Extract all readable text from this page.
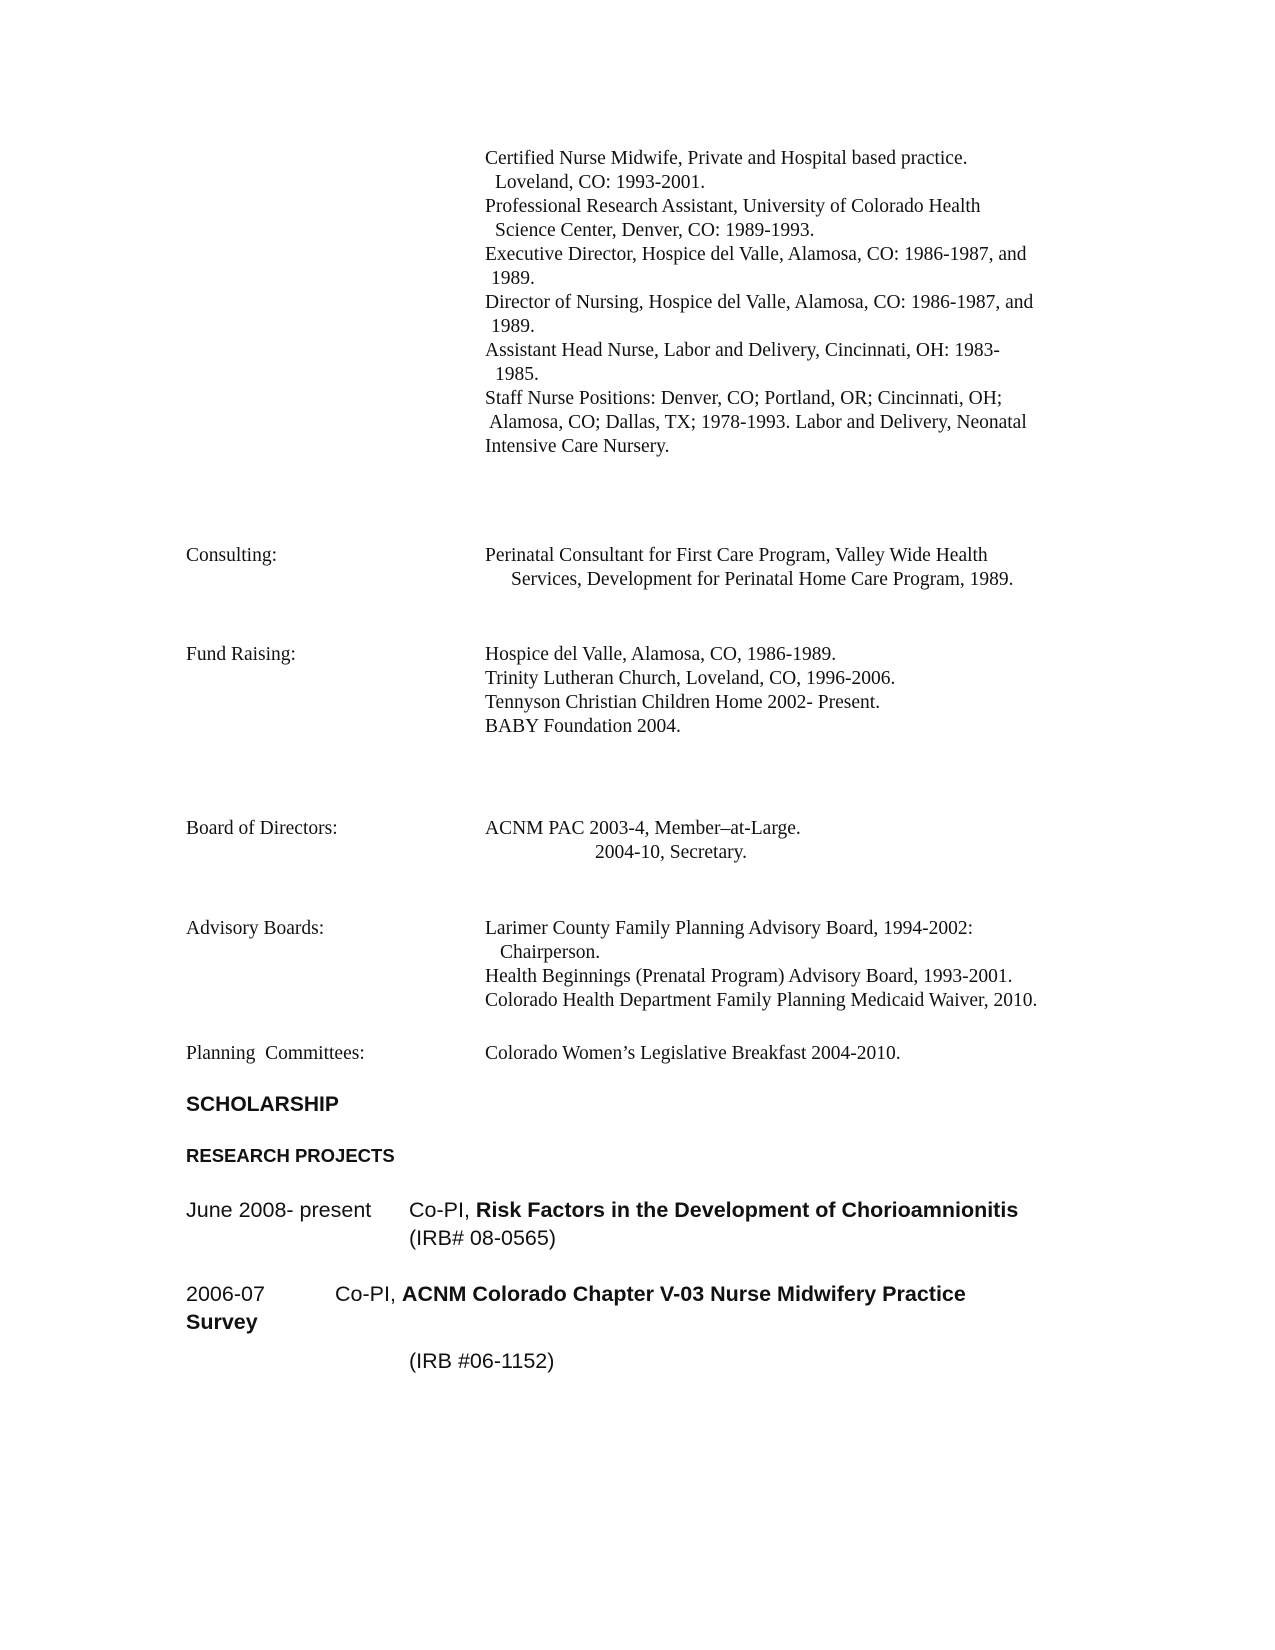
Certified Nurse Midwife, Private and Hospital based practice.
Loveland, CO: 1993-2001.
Professional Research Assistant, University of Colorado Health
Science Center, Denver, CO: 1989-1993.
Executive Director, Hospice del Valle, Alamosa, CO: 1986-1987, and
1989.
Director of Nursing, Hospice del Valle, Alamosa, CO: 1986-1987, and
1989.
Assistant Head Nurse, Labor and Delivery, Cincinnati, OH: 1983-
1985.
Staff Nurse Positions: Denver, CO; Portland, OR; Cincinnati, OH;
Alamosa, CO; Dallas, TX; 1978-1993. Labor and Delivery, Neonatal
Intensive Care Nursery.
Consulting:	Perinatal Consultant for First Care Program, Valley Wide Health
Services, Development for Perinatal Home Care Program, 1989.
Fund Raising:	Hospice del Valle, Alamosa, CO, 1986-1989.
Trinity Lutheran Church, Loveland, CO, 1996-2006.
Tennyson Christian Children Home 2002- Present.
BABY Foundation 2004.
Board of Directors:	ACNM PAC 2003-4, Member–at-Large.
2004-10, Secretary.
Advisory Boards:	Larimer County Family Planning Advisory Board, 1994-2002:
Chairperson.
Health Beginnings (Prenatal Program) Advisory Board, 1993-2001.
Colorado Health Department Family Planning Medicaid Waiver, 2010.
Planning  Committees:	Colorado Women’s Legislative Breakfast 2004-2010.
SCHOLARSHIP
RESEARCH PROJECTS
June 2008- present Co-PI, Risk Factors in the Development of Chorioamnionitis
(IRB# 08-0565)
2006-07	Co-PI, ACNM Colorado Chapter V-03 Nurse Midwifery Practice
Survey
(IRB #06-1152)
